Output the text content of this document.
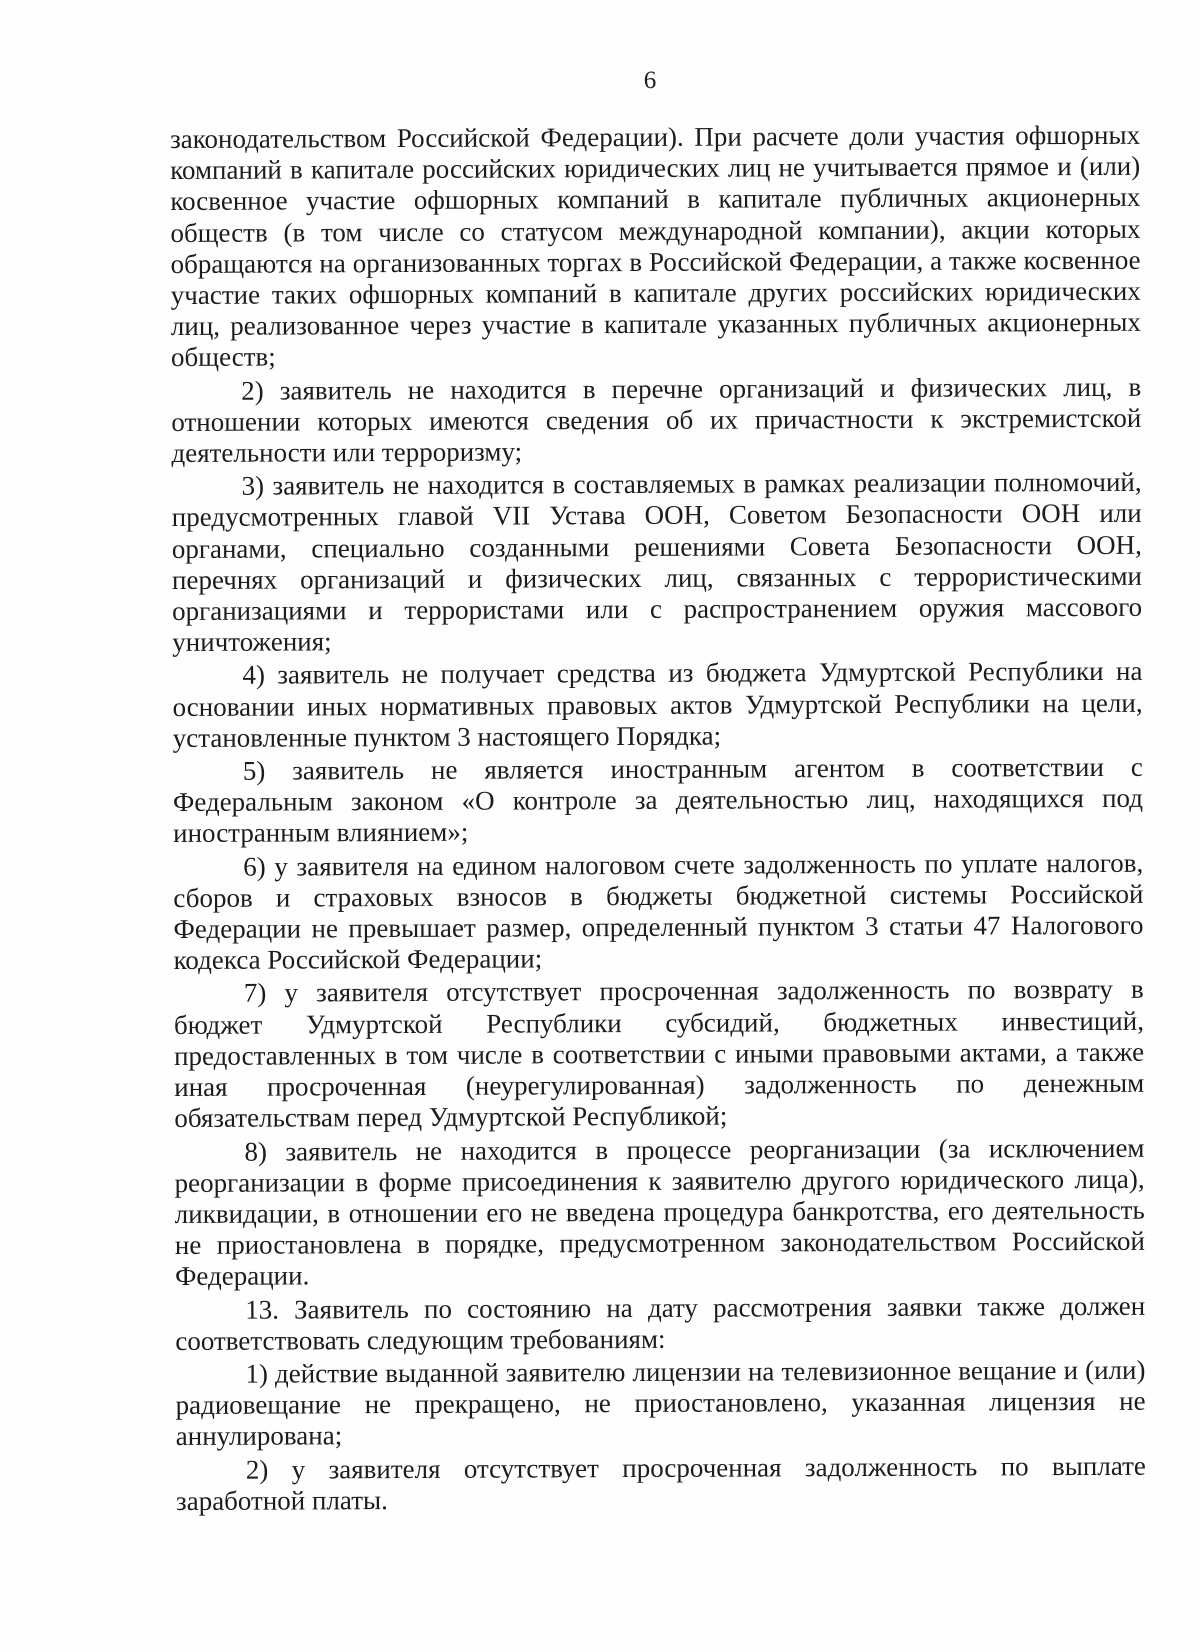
6

законодательством Российской Федерации). При расчете доли участия офшорных компаний в капитале российских юридических лиц не учитывается прямое и (или) косвенное участие офшорных компаний в капитале публичных акционерных обществ (в том числе со статусом международной компании), акции которых обращаются на организованных торгах в Российской Федерации, а также косвенное участие таких офшорных компаний в капитале других российских юридических лиц, реализованное через участие в капитале указанных публичных акционерных обществ;

2) заявитель не находится в перечне организаций и физических лиц, в отношении которых имеются сведения об их причастности к экстремистской деятельности или терроризму;

3) заявитель не находится в составляемых в рамках реализации полномочий, предусмотренных главой VII Устава ООН, Советом Безопасности ООН или органами, специально созданными решениями Совета Безопасности ООН, перечнях организаций и физических лиц, связанных с террористическими организациями и террористами или с распространением оружия массового уничтожения;

4) заявитель не получает средства из бюджета Удмуртской Республики на основании иных нормативных правовых актов Удмуртской Республики на цели, установленные пунктом 3 настоящего Порядка;

5) заявитель не является иностранным агентом в соответствии с Федеральным законом «О контроле за деятельностью лиц, находящихся под иностранным влиянием»;

6) у заявителя на едином налоговом счете задолженность по уплате налогов, сборов и страховых взносов в бюджеты бюджетной системы Российской Федерации не превышает размер, определенный пунктом 3 статьи 47 Налогового кодекса Российской Федерации;

7) у заявителя отсутствует просроченная задолженность по возврату в бюджет Удмуртской Республики субсидий, бюджетных инвестиций, предоставленных в том числе в соответствии с иными правовыми актами, а также иная просроченная (неурегулированная) задолженность по денежным обязательствам перед Удмуртской Республикой;

8) заявитель не находится в процессе реорганизации (за исключением реорганизации в форме присоединения к заявителю другого юридического лица), ликвидации, в отношении его не введена процедура банкротства, его деятельность не приостановлена в порядке, предусмотренном законодательством Российской Федерации.

13. Заявитель по состоянию на дату рассмотрения заявки также должен соответствовать следующим требованиям:

1) действие выданной заявителю лицензии на телевизионное вещание и (или) радиовещание не прекращено, не приостановлено, указанная лицензия не аннулирована;

2) у заявителя отсутствует просроченная задолженность по выплате заработной платы.
